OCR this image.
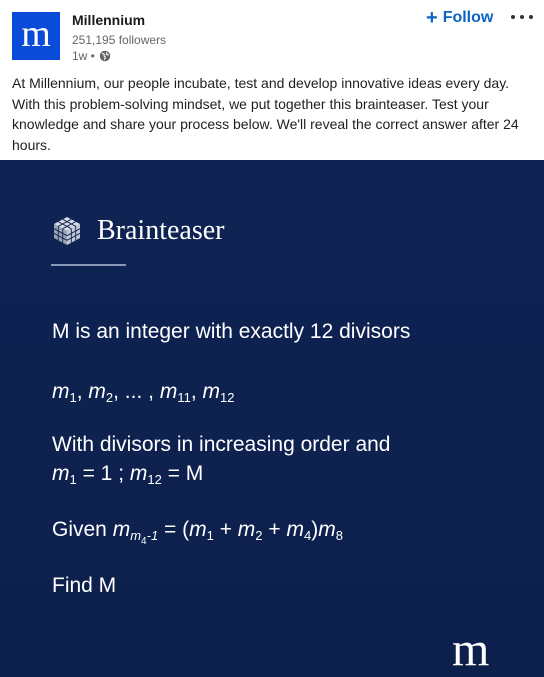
m	Millennium
251,195 followers
1w •
+ Follow
At Millennium, our people incubate, test and develop innovative ideas every day. With this problem-solving mindset, we put together this brainteaser. Test your knowledge and share your process below. We'll reveal the correct answer after 24 hours.
Brainteaser
M is an integer with exactly 12 divisors
$m_1$, $m_2$, ... , $m_{11}$, $m_{12}$
With divisors in increasing order and
$m_1 = 1$ ; $m_{12} = M$
Given $m_{m_4-1} = (m_1 + m_2 + m_4)m_8$
Find M
m
